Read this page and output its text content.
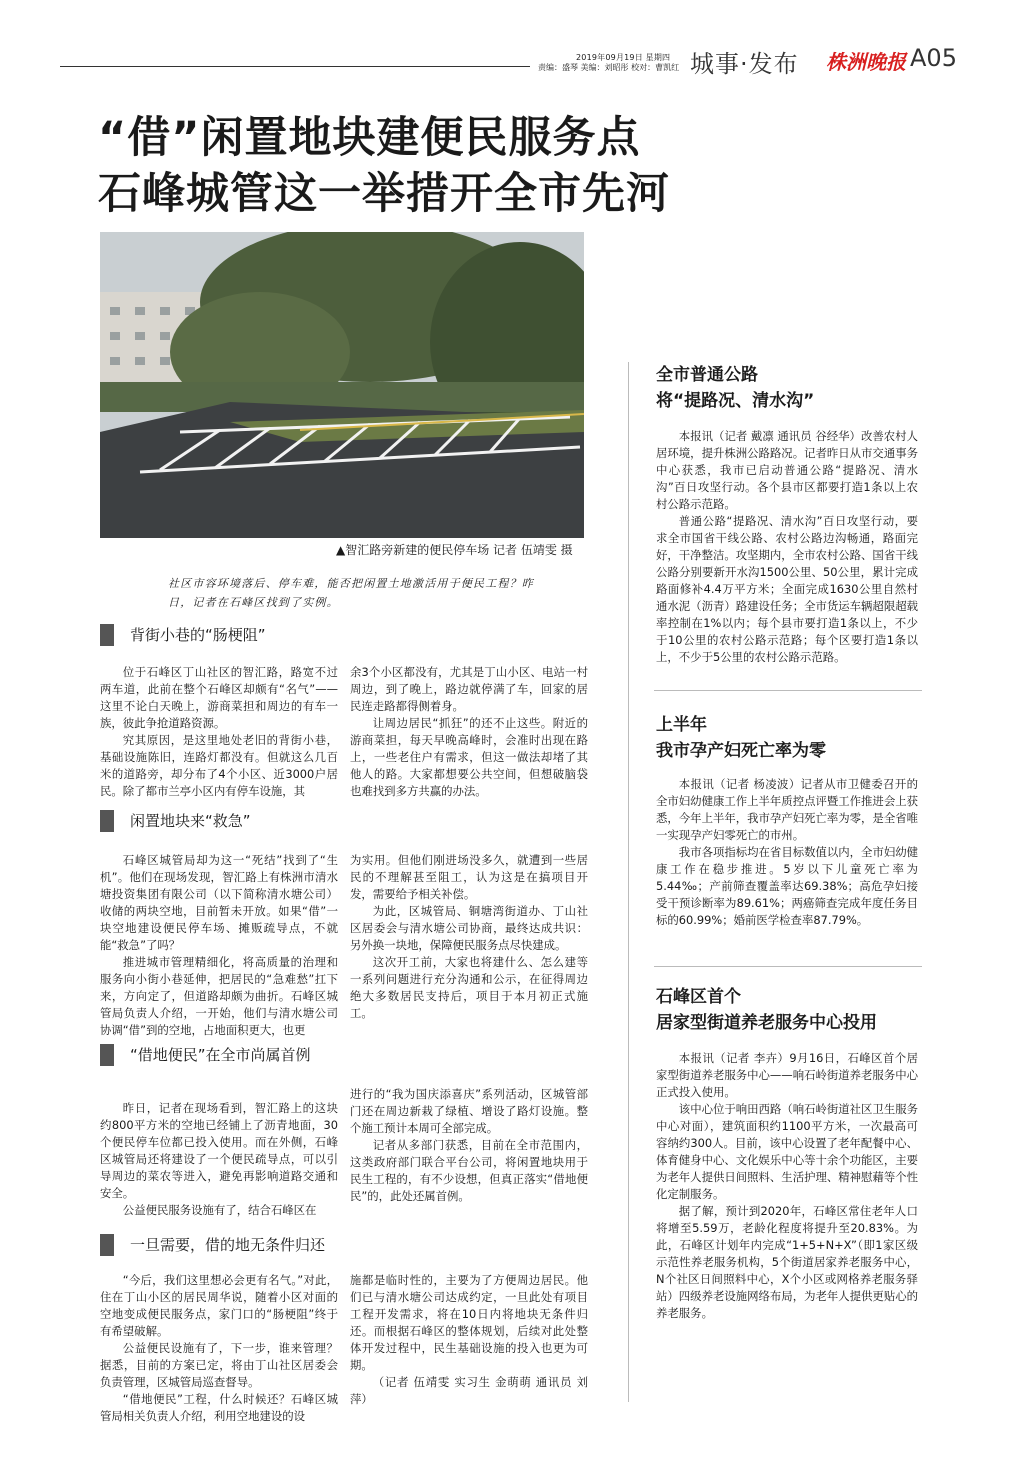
2019年09月19日 星期四
责编：盛琴 美编：刘昭彤 校对：曹凯红 城事·发布 株洲晚报 A05
“借”闲置地块建便民服务点
石峰城管这一举措开全市先河
▲智汇路旁新建的便民停车场 记者 伍靖雯 摄
社区市容环境落后、停车难，能否把闲置土地激活用于便民工程？昨日，记者在石峰区找到了实例。
背街小巷的“肠梗阻”

位于石峰区丁山社区的智汇路，路宽不过两车道，此前在整个石峰区却颇有“名气”——这里不论白天晚上，游商菜担和周边的有车一族，彼此争抢道路资源。

究其原因，是这里地处老旧的背街小巷，基础设施陈旧，连路灯都没有。但就这么几百米的道路旁，却分布了4个小区、近3000户居民。除了都市兰亭小区内有停车设施，其

余3个小区都没有，尤其是丁山小区、电站一村周边，到了晚上，路边就停满了车，回家的居民连走路都得侧着身。

让周边居民“抓狂”的还不止这些。附近的游商菜担，每天早晚高峰时，会准时出现在路上，一些老住户有需求，但这一做法却堵了其他人的路。大家都想要公共空间，但想破脑袋也难找到多方共赢的办法。

闲置地块来“救急”

石峰区城管局却为这一“死结”找到了“生机”。他们在现场发现，智汇路上有株洲市清水塘投资集团有限公司（以下简称清水塘公司）收储的两块空地，目前暂未开放。如果“借”一块空地建设便民停车场、摊贩疏导点，不就能“救急”了吗？

推进城市管理精细化，将高质量的治理和服务向小街小巷延伸，把居民的“急难愁”扛下来，方向定了，但道路却颇为曲折。石峰区城管局负责人介绍，一开始，他们与清水塘公司协调“借”到的空地，占地面积更大，也更

为实用。但他们刚进场没多久，就遭到一些居民的不理解甚至阻工，认为这是在搞项目开发，需要给予相关补偿。

为此，区城管局、铜塘湾街道办、丁山社区居委会与清水塘公司协商，最终达成共识：另外换一块地，保障便民服务点尽快建成。

这次开工前，大家也将建什么、怎么建等一系列问题进行充分沟通和公示，在征得周边绝大多数居民支持后，项目于本月初正式施工。

“借地便民”在全市尚属首例

昨日，记者在现场看到，智汇路上的这块约800平方米的空地已经铺上了沥青地面，30个便民停车位都已投入使用。而在外侧，石峰区城管局还将建设了一个便民疏导点，可以引导周边的菜农等进入，避免再影响道路交通和安全。

公益便民服务设施有了，结合石峰区在

进行的“我为国庆添喜庆”系列活动，区城管部门还在周边新栽了绿植、增设了路灯设施。整个施工预计本周可全部完成。

记者从多部门获悉，目前在全市范围内，这类政府部门联合平台公司，将闲置地块用于民生工程的，有不少设想，但真正落实“借地便民”的，此处还属首例。

一旦需要，借的地无条件归还

“今后，我们这里想必会更有名气。”对此，住在丁山小区的居民周华说，随着小区对面的空地变成便民服务点，家门口的“肠梗阻”终于有希望破解。

公益便民设施有了，下一步，谁来管理？据悉，目前的方案已定，将由丁山社区居委会负责管理，区城管局巡查督导。

“借地便民”工程，什么时候还？石峰区城管局相关负责人介绍，利用空地建设的设

施都是临时性的，主要为了方便周边居民。他们已与清水塘公司达成约定，一旦此处有项目工程开发需求，将在10日内将地块无条件归还。而根据石峰区的整体规划，后续对此处整体开发过程中，民生基础设施的投入也更为可期。

（记者 伍靖雯 实习生 金萌萌 通讯员 刘萍）

全市普通公路
将“提路况、清水沟”

本报讯（记者 戴凛 通讯员 谷经华）改善农村人居环境，提升株洲公路路况。记者昨日从市交通事务中心获悉，我市已启动普通公路“提路况、清水沟”百日攻坚行动。各个县市区都要打造1条以上农村公路示范路。

普通公路“提路况、清水沟”百日攻坚行动，要求全市国省干线公路、农村公路边沟畅通，路面完好，干净整洁。攻坚期内，全市农村公路、国省干线公路分别要新开水沟1500公里、50公里，累计完成路面修补4.4万平方米；全面完成1630公里自然村通水泥（沥青）路建设任务；全市货运车辆超限超载率控制在1%以内；每个县市要打造1条以上，不少于10公里的农村公路示范路；每个区要打造1条以上，不少于5公里的农村公路示范路。

上半年
我市孕产妇死亡率为零

本报讯（记者 杨凌波）记者从市卫健委召开的全市妇幼健康工作上半年质控点评暨工作推进会上获悉，今年上半年，我市孕产妇死亡率为零，是全省唯一实现孕产妇零死亡的市州。

我市各项指标均在省目标数值以内，全市妇幼健康工作在稳步推进。5岁以下儿童死亡率为5.44‰；产前筛查覆盖率达69.38%；高危孕妇接受干预诊断率为89.61%；两癌筛查完成年度任务目标的60.99%；婚前医学检查率87.79%。

石峰区首个
居家型街道养老服务中心投用

本报讯（记者 李卉）9月16日，石峰区首个居家型街道养老服务中心——响石岭街道养老服务中心正式投入使用。

该中心位于响田西路（响石岭街道社区卫生服务中心对面），建筑面积约1100平方米，一次最高可容纳约300人。目前，该中心设置了老年配餐中心、体育健身中心、文化娱乐中心等十余个功能区，主要为老年人提供日间照料、生活护理、精神慰藉等个性化定制服务。

据了解，预计到2020年，石峰区常住老年人口将增至5.59万，老龄化程度将提升至20.83%。为此，石峰区计划年内完成“1+5+N+X”（即1家区级示范性养老服务机构，5个街道居家养老服务中心，N个社区日间照料中心，X个小区或网格养老服务驿站）四级养老设施网络布局，为老年人提供更贴心的养老服务。
